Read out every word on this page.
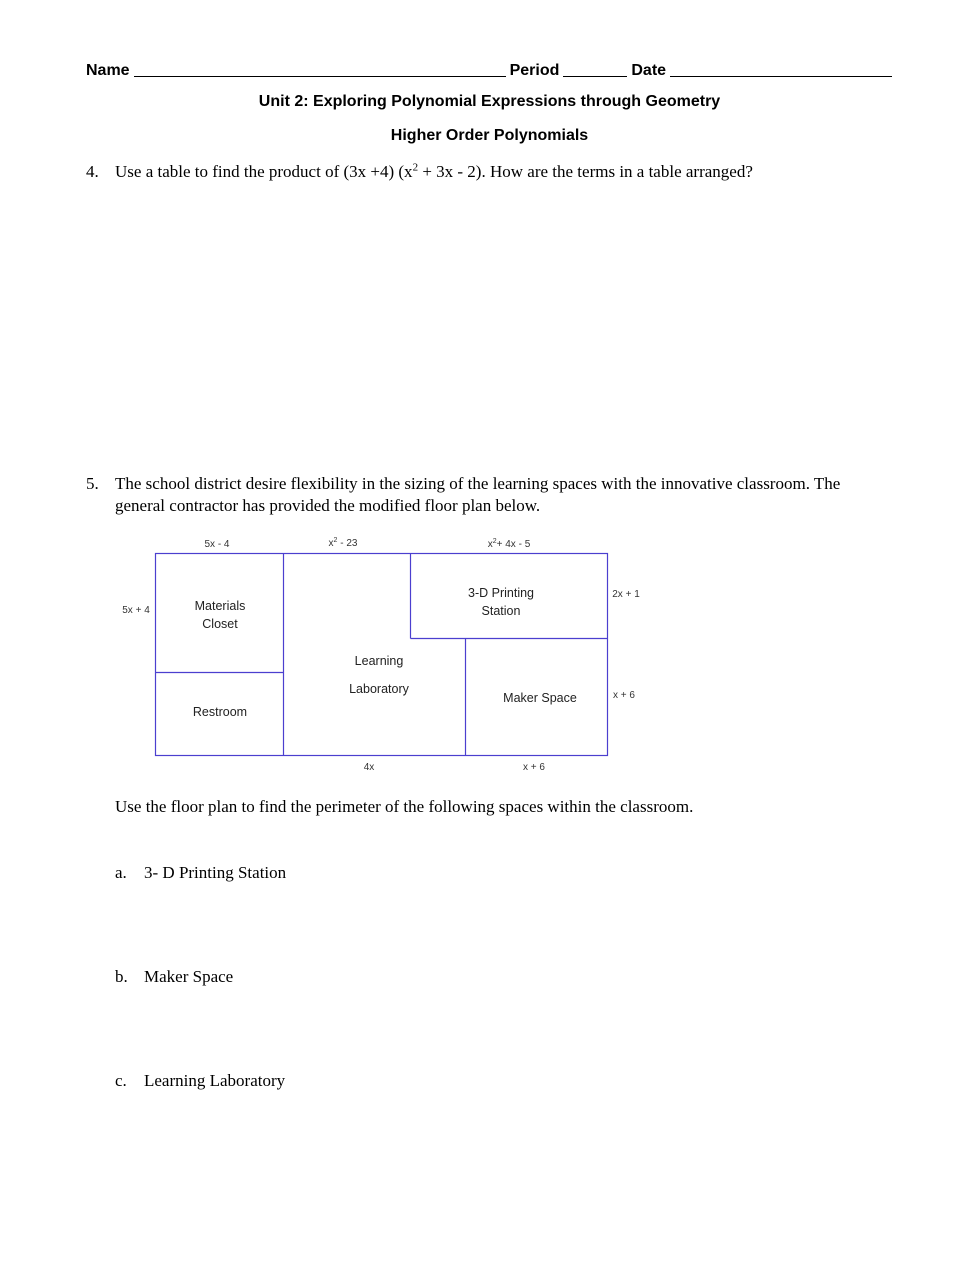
Name	Period	Date
Unit 2: Exploring Polynomial Expressions through Geometry
Higher Order Polynomials
4. Use a table to find the product of (3x +4) $(x^2 + 3x - 2)$. How are the terms in a table arranged?
5. The school district desire flexibility in the sizing of the learning spaces with the innovative classroom. The
general contractor has provided the modified floor plan below.
5x - 4	$x^2 - 23$	$x^2+ 4x - 5$
5x + 4
2x + 1
x + 6
4x	x + 6
Materials
Closet
Restroom
Learning
Laboratory
3-D Printing
Station
Maker Space
Use the floor plan to find the perimeter of the following spaces within the classroom.
a. 3- D Printing Station
b. Maker Space
c. Learning Laboratory
